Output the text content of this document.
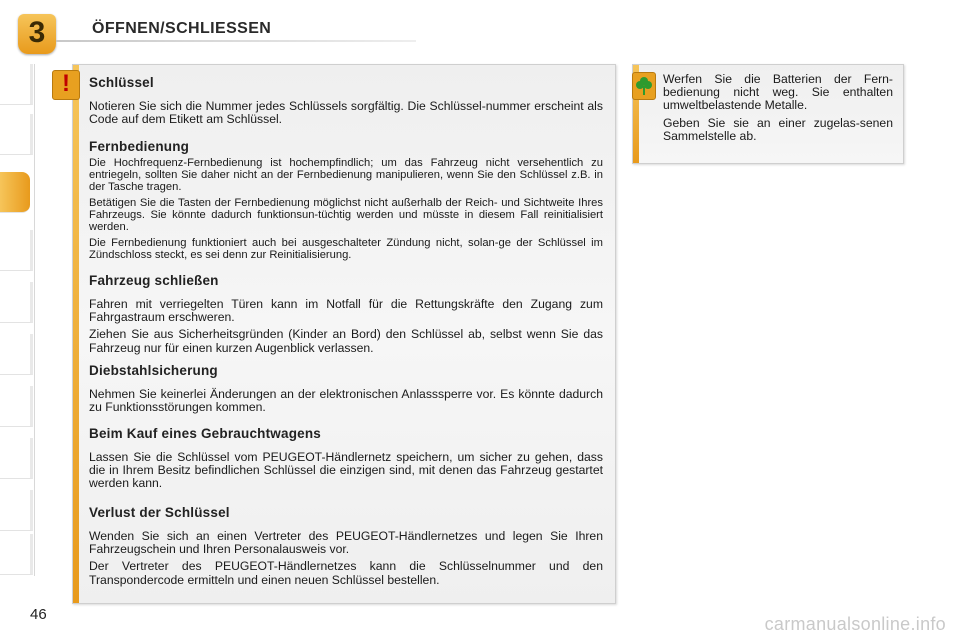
3	ÖFFNEN/SCHLIESSEN
Schlüssel

Notieren Sie sich die Nummer jedes Schlüssels sorgfältig. Die Schlüssel-nummer erscheint als Code auf dem Etikett am Schlüssel.

Fernbedienung

Die Hochfrequenz-Fernbedienung ist hochempfindlich; um das Fahrzeug nicht versehentlich zu entriegeln, sollten Sie daher nicht an der Fernbedienung manipulieren, wenn Sie den Schlüssel z.B. in der Tasche tragen.

Betätigen Sie die Tasten der Fernbedienung möglichst nicht außerhalb der Reich- und Sichtweite Ihres Fahrzeugs. Sie könnte dadurch funktionsun-tüchtig werden und müsste in diesem Fall reinitialisiert werden.

Die Fernbedienung funktioniert auch bei ausgeschalteter Zündung nicht, solan-ge der Schlüssel im Zündschloss steckt, es sei denn zur Reinitialisierung.

Fahrzeug schließen

Fahren mit verriegelten Türen kann im Notfall für die Rettungskräfte den Zugang zum Fahrgastraum erschweren.

Ziehen Sie aus Sicherheitsgründen (Kinder an Bord) den Schlüssel ab, selbst wenn Sie das Fahrzeug nur für einen kurzen Augenblick verlassen.

Diebstahlsicherung

Nehmen Sie keinerlei Änderungen an der elektronischen Anlasssperre vor. Es könnte dadurch zu Funktionsstörungen kommen.

Beim Kauf eines Gebrauchtwagens

Lassen Sie die Schlüssel vom PEUGEOT-Händlernetz speichern, um sicher zu gehen, dass die in Ihrem Besitz befindlichen Schlüssel die einzigen sind, mit denen das Fahrzeug gestartet werden kann.

Verlust der Schlüssel

Wenden Sie sich an einen Vertreter des PEUGEOT-Händlernetzes und legen Sie Ihren Fahrzeugschein und Ihren Personalausweis vor.

Der Vertreter des PEUGEOT-Händlernetzes kann die Schlüsselnummer und den Transpondercode ermitteln und einen neuen Schlüssel bestellen.

!	Werfen Sie die Batterien der Fern-bedienung nicht weg. Sie enthalten umweltbelastende Metalle.

Geben Sie sie an einer zugelas-senen Sammelstelle ab.

46	carmanualsonline.info
